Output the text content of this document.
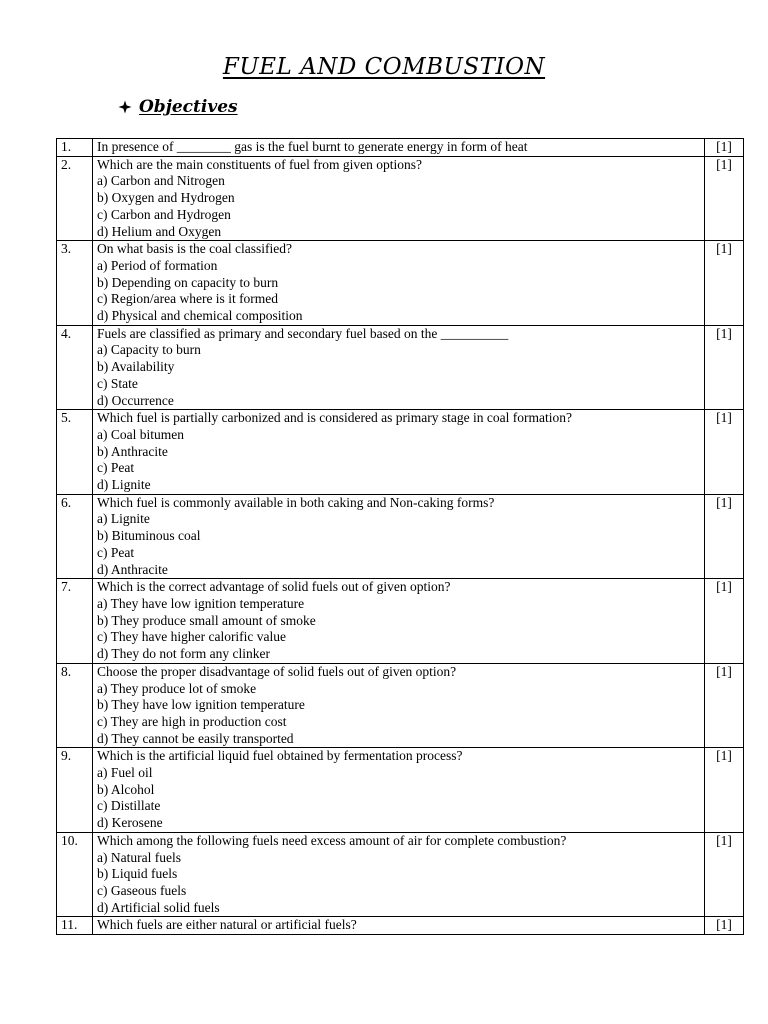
FUEL AND COMBUSTION
Objectives
1.	In presence of ________ gas is the fuel burnt to generate energy in form of heat	[1]
2.	Which are the main constituents of fuel from given options?
a) Carbon and Nitrogen
b) Oxygen and Hydrogen
c) Carbon and Hydrogen
d) Helium and Oxygen	[1]
3.	On what basis is the coal classified?
a) Period of formation
b) Depending on capacity to burn
c) Region/area where is it formed
d) Physical and chemical composition	[1]
4.	Fuels are classified as primary and secondary fuel based on the __________
a) Capacity to burn
b) Availability
c) State
d) Occurrence	[1]
5.	Which fuel is partially carbonized and is considered as primary stage in coal formation?
a) Coal bitumen
b) Anthracite
c) Peat
d) Lignite	[1]
6.	Which fuel is commonly available in both caking and Non-caking forms?
a) Lignite
b) Bituminous coal
c) Peat
d) Anthracite	[1]
7.	Which is the correct advantage of solid fuels out of given option?
a) They have low ignition temperature
b) They produce small amount of smoke
c) They have higher calorific value
d) They do not form any clinker	[1]
8.	Choose the proper disadvantage of solid fuels out of given option?
a) They produce lot of smoke
b) They have low ignition temperature
c) They are high in production cost
d) They cannot be easily transported	[1]
9.	Which is the artificial liquid fuel obtained by fermentation process?
a) Fuel oil
b) Alcohol
c) Distillate
d) Kerosene	[1]
10.	Which among the following fuels need excess amount of air for complete combustion?
a) Natural fuels
b) Liquid fuels
c) Gaseous fuels
d) Artificial solid fuels	[1]
11.	Which fuels are either natural or artificial fuels?	[1]
